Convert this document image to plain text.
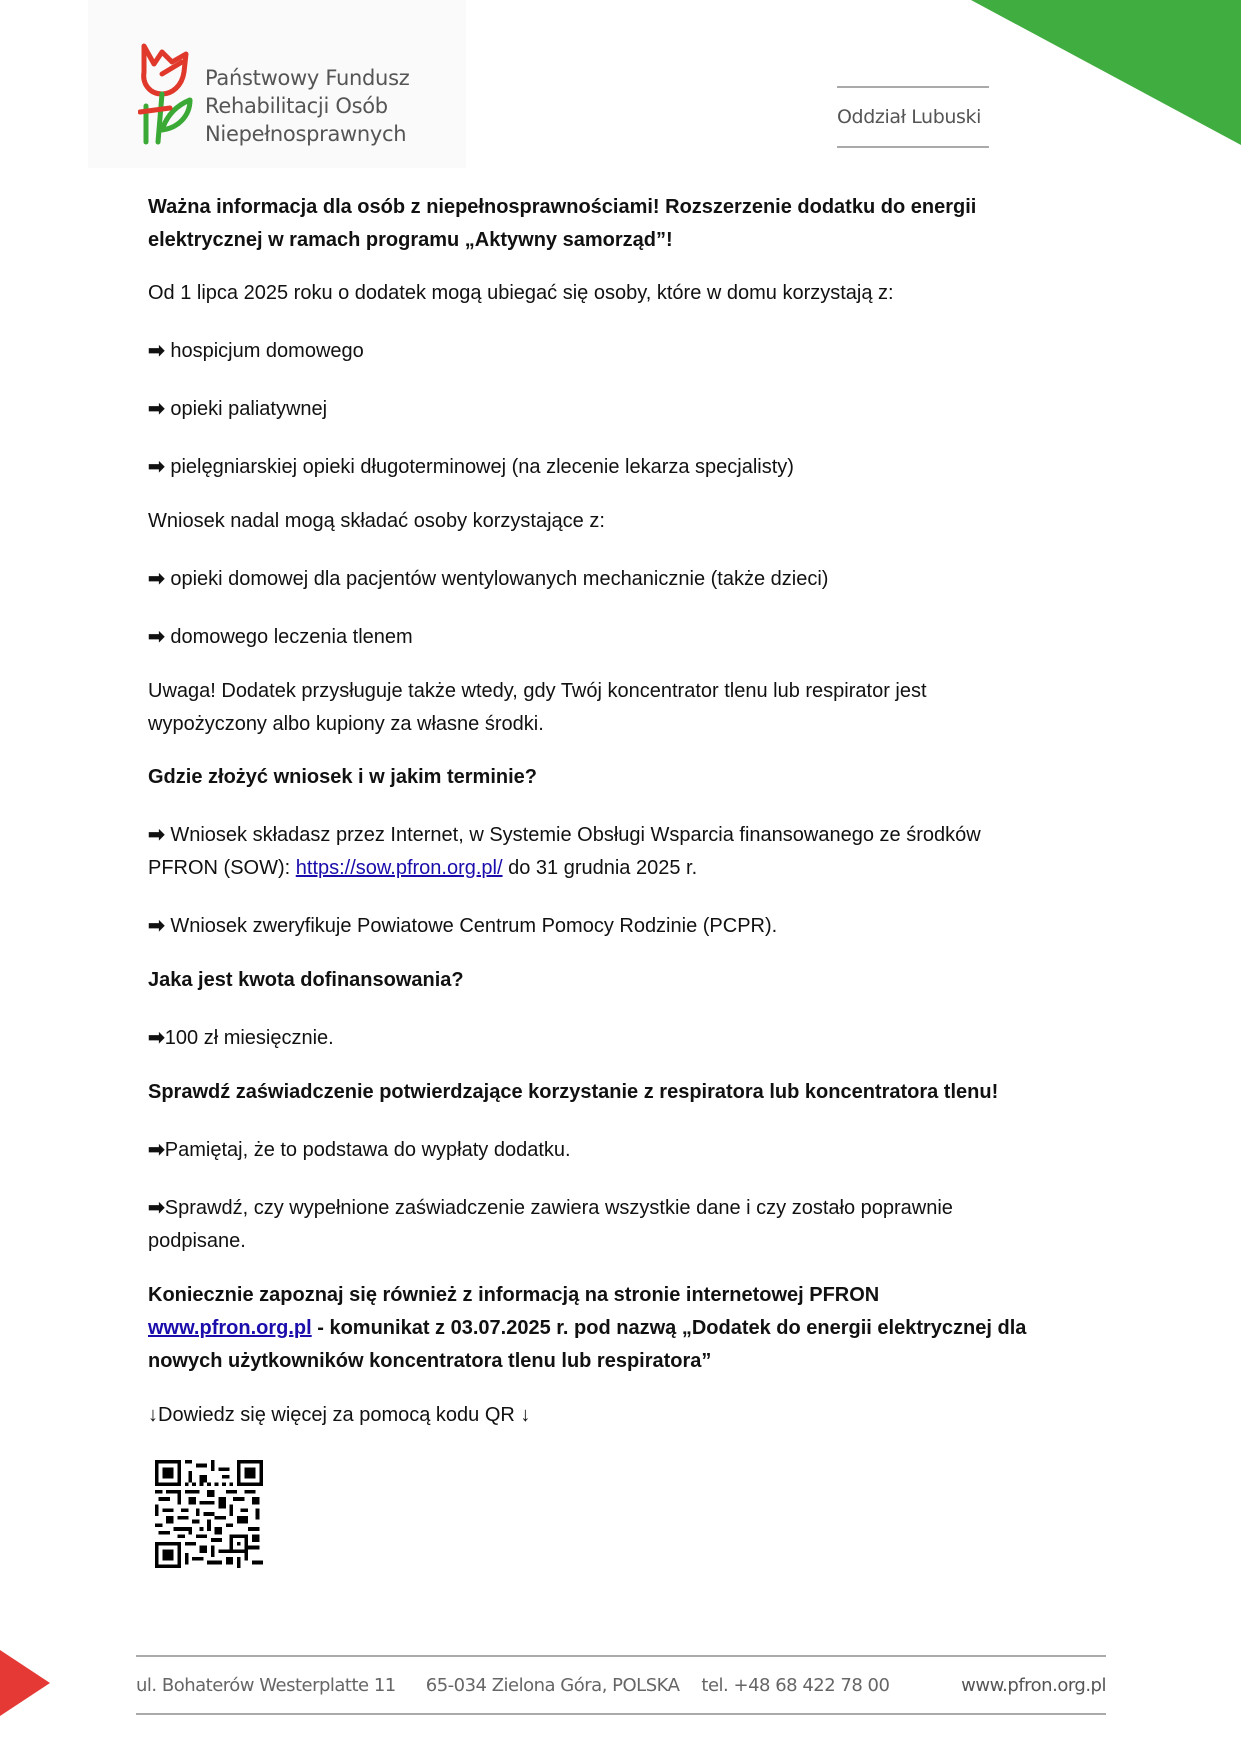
Państwowy Fundusz
Rehabilitacji Osób
Niepełnosprawnych
Oddział Lubuski

Ważna informacja dla osób z niepełnosprawnościami! Rozszerzenie dodatku do energii

elektrycznej w ramach programu „Aktywny samorząd”!

Od 1 lipca 2025 roku o dodatek mogą ubiegać się osoby, które w domu korzystają z:

➡ hospicjum domowego

➡ opieki paliatywnej

➡ pielęgniarskiej opieki długoterminowej (na zlecenie lekarza specjalisty)

Wniosek nadal mogą składać osoby korzystające z:

➡ opieki domowej dla pacjentów wentylowanych mechanicznie (także dzieci)

➡ domowego leczenia tlenem

Uwaga! Dodatek przysługuje także wtedy, gdy Twój koncentrator tlenu lub respirator jest

wypożyczony albo kupiony za własne środki.

Gdzie złożyć wniosek i w jakim terminie?

➡ Wniosek składasz przez Internet, w Systemie Obsługi Wsparcia finansowanego ze środków

PFRON (SOW): https://sow.pfron.org.pl/ do 31 grudnia 2025 r.

➡ Wniosek zweryfikuje Powiatowe Centrum Pomocy Rodzinie (PCPR).

Jaka jest kwota dofinansowania?

➡100 zł miesięcznie.

Sprawdź zaświadczenie potwierdzające korzystanie z respiratora lub koncentratora tlenu!

➡Pamiętaj, że to podstawa do wypłaty dodatku.

➡Sprawdź, czy wypełnione zaświadczenie zawiera wszystkie dane i czy zostało poprawnie

podpisane.

Koniecznie zapoznaj się również z informacją na stronie internetowej PFRON

www.pfron.org.pl - komunikat z 03.07.2025 r. pod nazwą „Dodatek do energii elektrycznej dla

nowych użytkowników koncentratora tlenu lub respiratora”

↓Dowiedz się więcej za pomocą kodu QR ↓

ul. Bohaterów Westerplatte 11 65-034 Zielona Góra, POLSKA tel. +48 68 422 78 00	www.pfron.org.pl
